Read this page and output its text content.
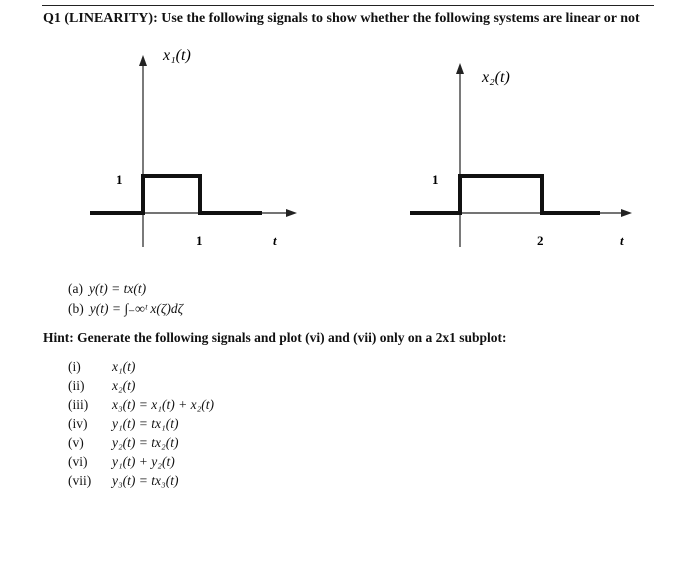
Q1 (LINEARITY): Use the following signals to show whether the following systems are linear or not
x₁(t)
1
1	t
x₂(t)
1
2	t
(a) y(t) = tx(t)
(b) y(t) = ∫₋∞ᵗ x(ζ)dζ
Hint: Generate the following signals and plot (vi) and (vii) only on a 2x1 subplot:
(i)	x₁(t)
(ii)	x₂(t)
(iii)	x₃(t) = x₁(t) + x₂(t)
(iv)	y₁(t) = tx₁(t)
(v)	y₂(t) = tx₂(t)
(vi)	y₁(t) + y₂(t)
(vii)	y₃(t) = tx₃(t)
